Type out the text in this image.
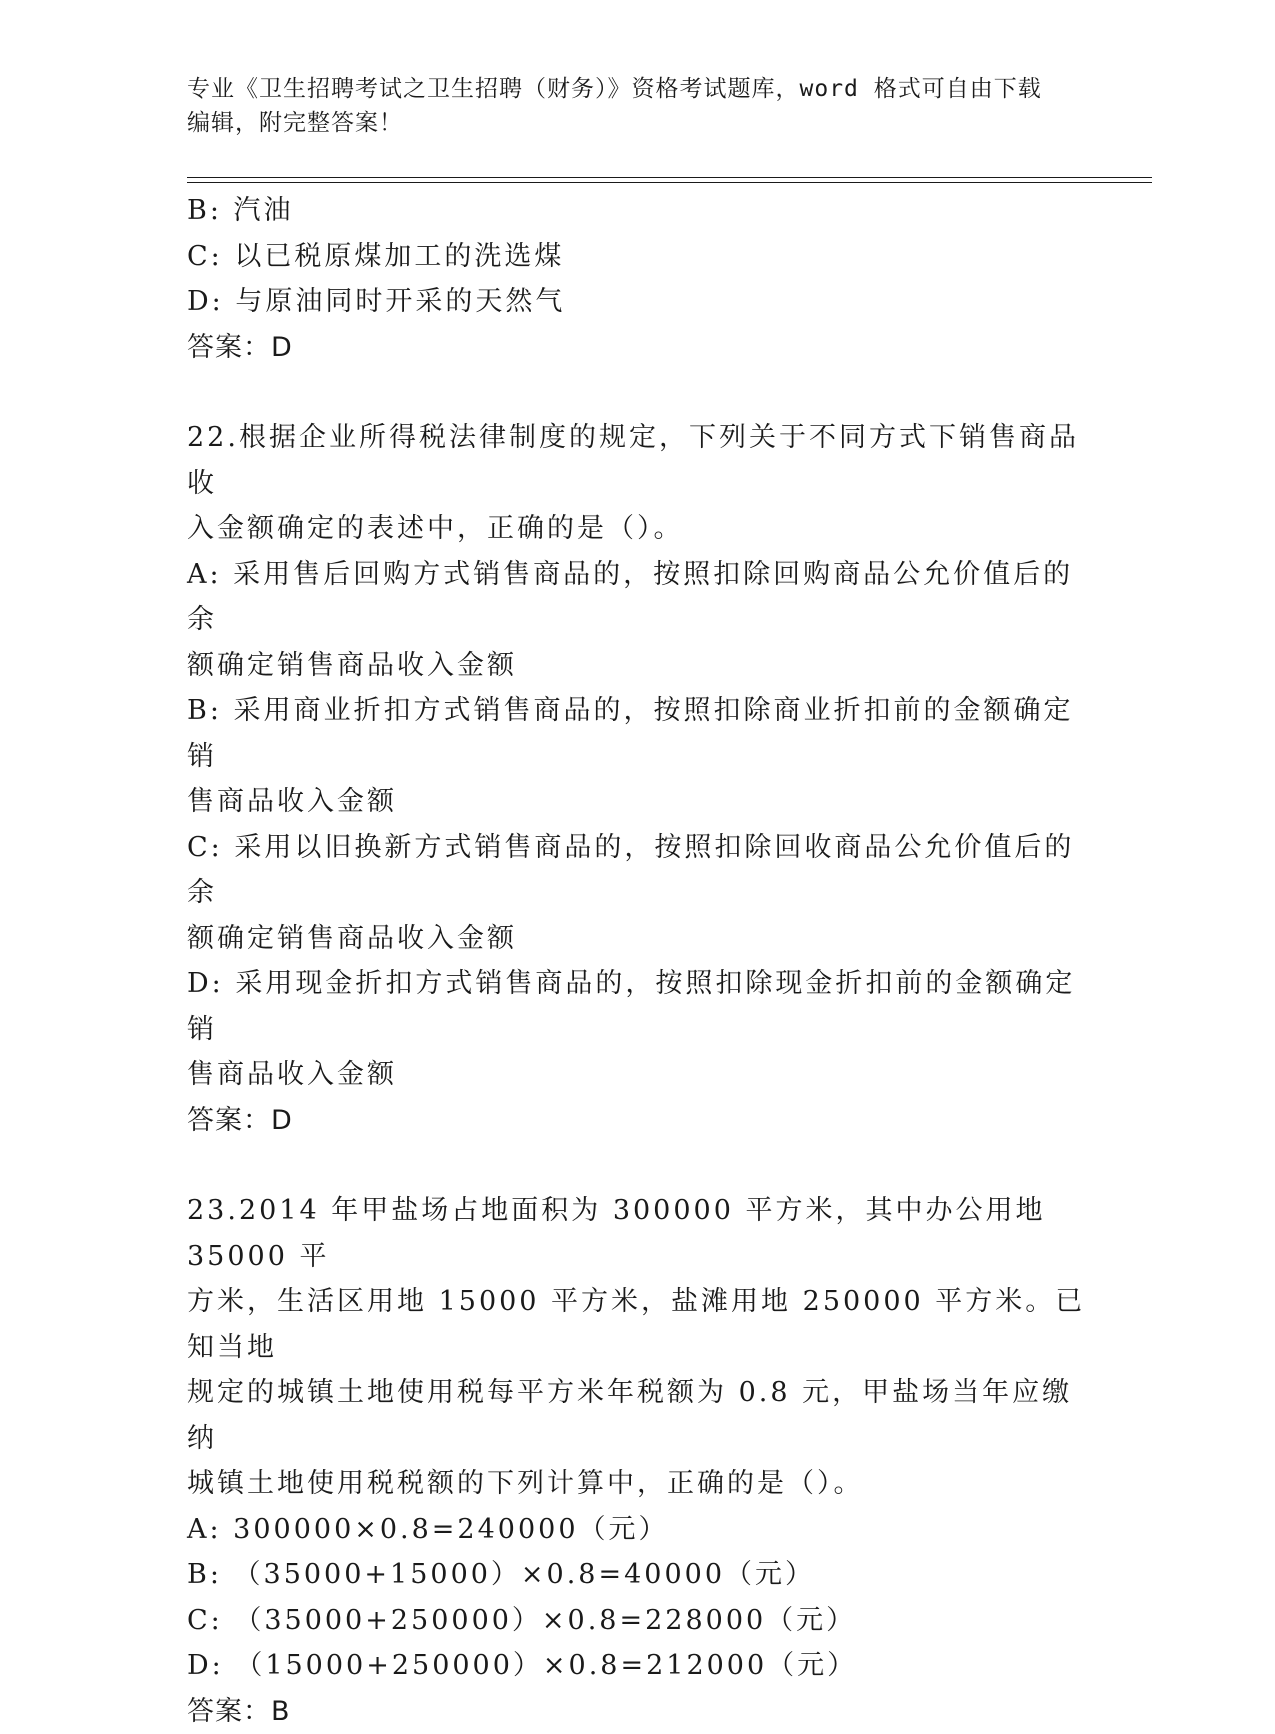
专业《卫生招聘考试之卫生招聘（财务）》资格考试题库，word 格式可自由下载
编辑，附完整答案！

B: 汽油

C: 以已税原煤加工的洗选煤

D: 与原油同时开采的天然气

答案：D

22.根据企业所得税法律制度的规定，下列关于不同方式下销售商品收

入金额确定的表述中，正确的是（）。

A: 采用售后回购方式销售商品的，按照扣除回购商品公允价值后的余

额确定销售商品收入金额

B: 采用商业折扣方式销售商品的，按照扣除商业折扣前的金额确定销

售商品收入金额

C: 采用以旧换新方式销售商品的，按照扣除回收商品公允价值后的余

额确定销售商品收入金额

D: 采用现金折扣方式销售商品的，按照扣除现金折扣前的金额确定销

售商品收入金额

答案：D

23.2014 年甲盐场占地面积为 300000 平方米，其中办公用地 35000 平

方米，生活区用地 15000 平方米，盐滩用地 250000 平方米。已知当地

规定的城镇土地使用税每平方米年税额为 0.8 元，甲盐场当年应缴纳

城镇土地使用税税额的下列计算中，正确的是（）。

A: 300000×0.8=240000（元）

B: （35000+15000）×0.8=40000（元）

C: （35000+250000）×0.8=228000（元）

D: （15000+250000）×0.8=212000（元）

答案：B
